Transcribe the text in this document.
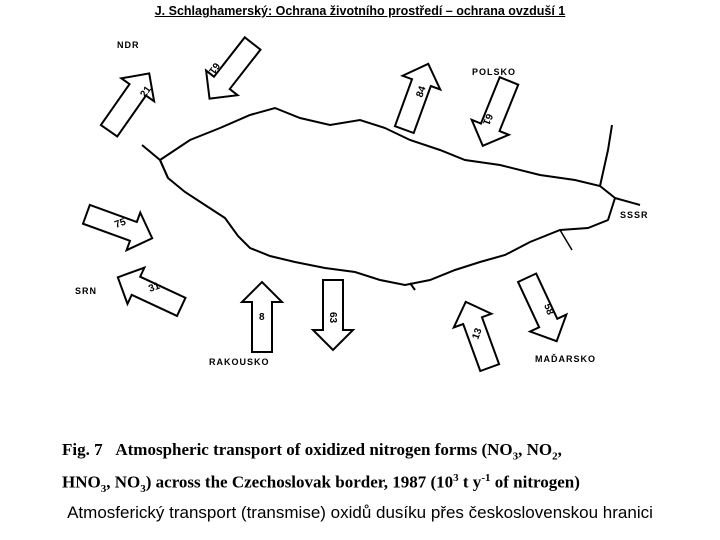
J. Schlaghamerský: Ochrana životního prostředí – ochrana ovzduší 1
21
61
84
61
75
31
8	63
13
58
NDR
POLSKO
SSSR
SRN
RAKOUSKO	MAĎARSKO
Fig. 7 Atmospheric transport of oxidized nitrogen forms ($NO_3$, $NO_2$,
$HNO_3$, $NO_3$) across the Czechoslovak border, 1987 ($10^3$ t $y^{-1}$ of nitrogen)
Atmosferický transport (transmise) oxidů dusíku přes československou hranici
